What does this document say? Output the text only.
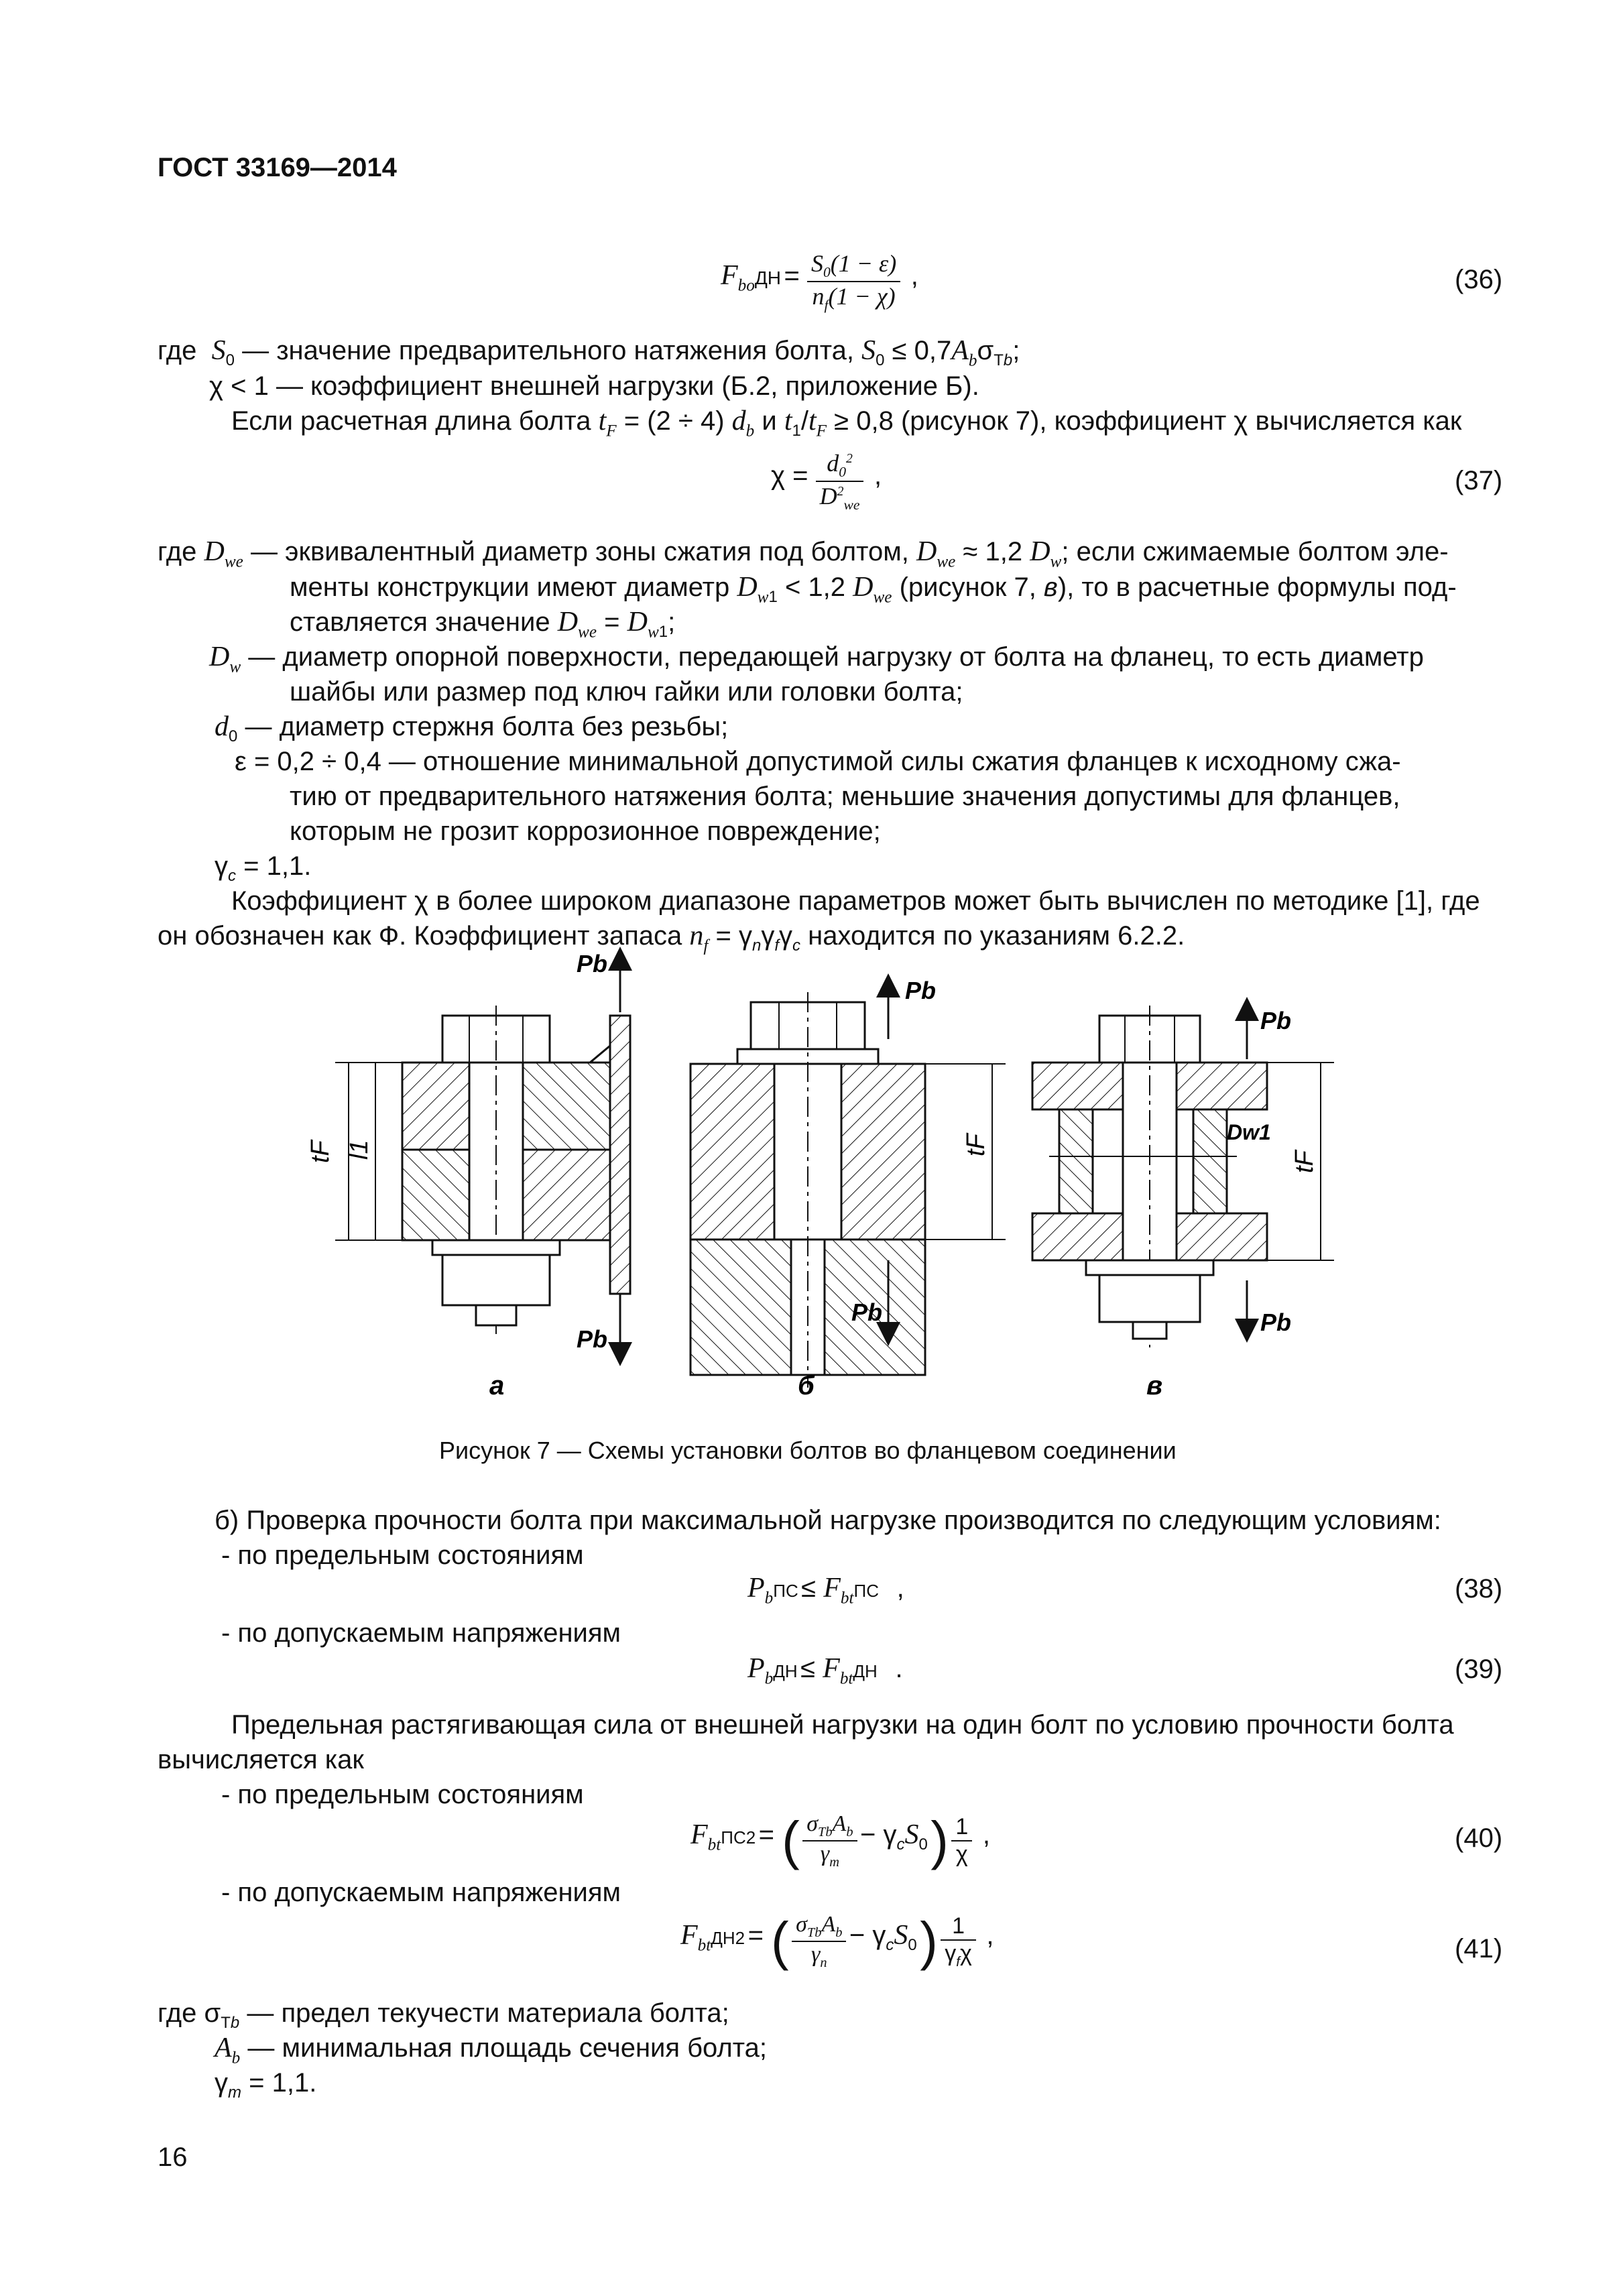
ГОСТ 33169—2014
$F_{bo}ДН = \frac{S_0(1 - \varepsilon)}{n_f(1 - \chi)}$ ,	(36)
где  $S_0$ — значение предварительного натяжения болта, $S_0 \le 0,7A_b\sigma_{Tb}$;
χ < 1 — коэффициент внешней нагрузки (Б.2, приложение Б).
Если расчетная длина болта $t_F = (2 \div 4)$ $d_b$ и $t_1/t_F \ge 0,8$ (рисунок 7), коэффициент χ вычисляется как
$\chi = \frac{d_0^2}{D^2_{we}}$ ,	(37)
где $D_{we}$ — эквивалентный диаметр зоны сжатия под болтом, $D_{we} \approx 1,2$ $D_w$; если сжимаемые болтом эле-
менты конструкции имеют диаметр $D_{w1} < 1,2$ $D_{we}$ (рисунок 7, в), то в расчетные формулы под-
ставляется значение $D_{we} = D_{w1}$;
$D_w$ — диаметр опорной поверхности, передающей нагрузку от болта на фланец, то есть диаметр
шайбы или размер под ключ гайки или головки болта;
$d_0$ — диаметр стержня болта без резьбы;
ε = 0,2 ÷ 0,4 — отношение минимальной допустимой силы сжатия фланцев к исходному сжа-
тию от предварительного натяжения болта; меньшие значения допустимы для фланцев,
которым не грозит коррозионное повреждение;
$\gamma_c = 1,1$.
Коэффициент χ в более широком диапазоне параметров может быть вычислен по методике [1], где
он обозначен как Ф. Коэффициент запаса $n_f = \gamma_n\gamma_f\gamma_c$ находится по указаниям 6.2.2.
tF l1
Pb
Pb
а
tF
Pb
Pb
б
tF
Dw1
Pb
Pb
в
Рисунок 7 — Схемы установки болтов во фланцевом соединении
б) Проверка прочности болта при максимальной нагрузке производится по следующим условиям:
- по предельным состояниям
$P_bПС \le F_{bt}ПС$   ,	(38)
- по допускаемым напряжениям
$P_bДН \le F_{bt}ДН$   .	(39)
Предельная растягивающая сила от внешней нагрузки на один болт по условию прочности болта
вычисляется как
- по предельным состояниям
$F_{bt}ПС2$ = ( $\frac{\sigma_{Tb}A_b}{\gamma_m} - \gamma_cS_0$ ) $\frac{1}{\chi}$ ,	(40)
- по допускаемым напряжениям
$F_{bt}ДН2$ = ( $\frac{\sigma_{Tb}A_b}{\gamma_n} - \gamma_cS_0$ ) $\frac{1}{\gamma_f\chi}$ ,	(41)
где $\sigma_{Tb}$ — предел текучести материала болта;
$A_b$ — минимальная площадь сечения болта;
$\gamma_m = 1,1$.
16
